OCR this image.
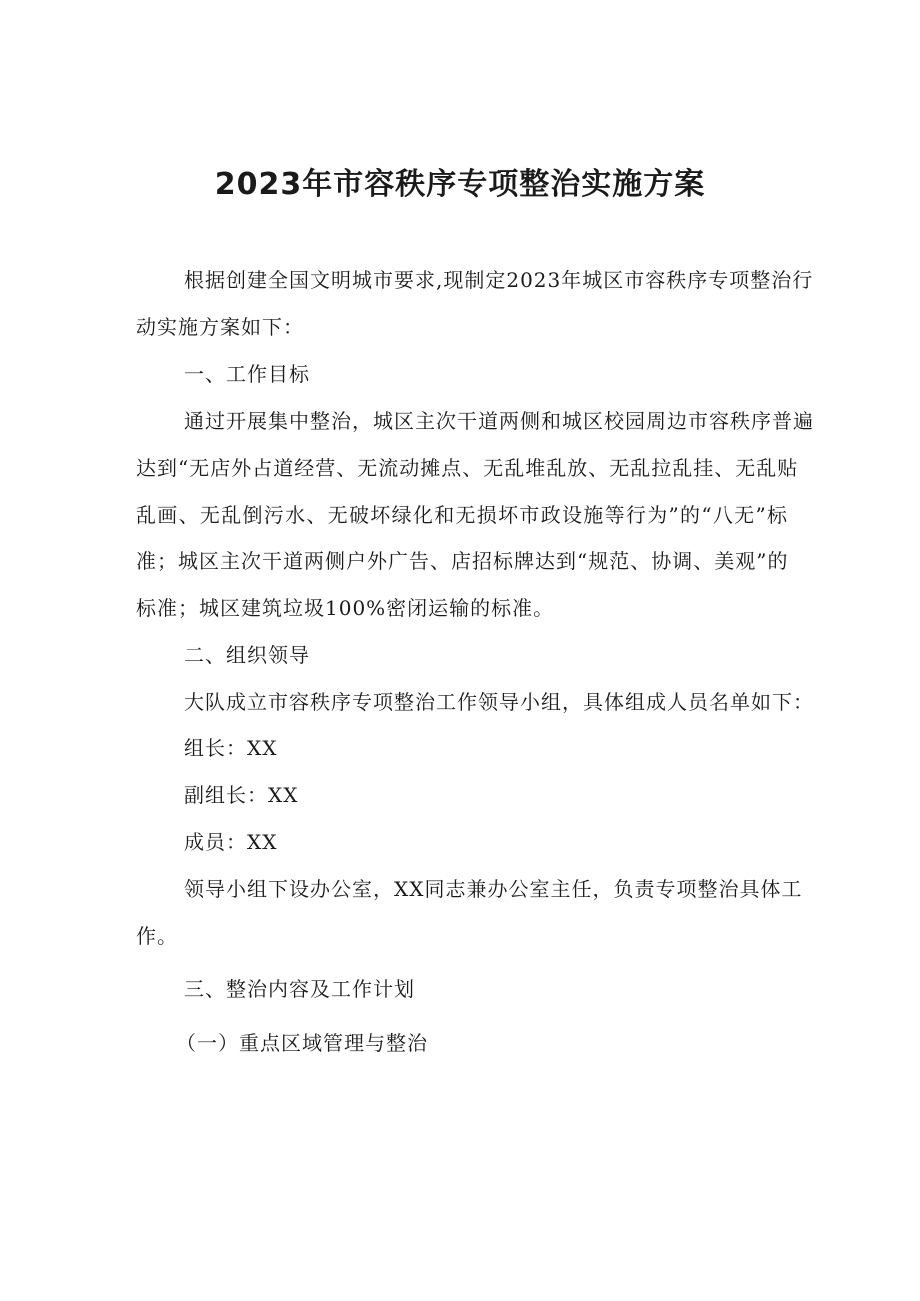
2023年市容秩序专项整治实施方案

根据创建全国文明城市要求,现制定2023年城区市容秩序专项整治行

动实施方案如下：

一、工作目标

通过开展集中整治，城区主次干道两侧和城区校园周边市容秩序普遍

达到“无店外占道经营、无流动摊点、无乱堆乱放、无乱拉乱挂、无乱贴

乱画、无乱倒污水、无破坏绿化和无损坏市政设施等行为”的“八无”标

准；城区主次干道两侧户外广告、店招标牌达到“规范、协调、美观”的

标准；城区建筑垃圾100%密闭运输的标准。

二、组织领导

大队成立市容秩序专项整治工作领导小组，具体组成人员名单如下：

组长：XX

副组长：XX

成员：XX

领导小组下设办公室，XX同志兼办公室主任，负责专项整治具体工

作。

三、整治内容及工作计划

（一）重点区域管理与整治
